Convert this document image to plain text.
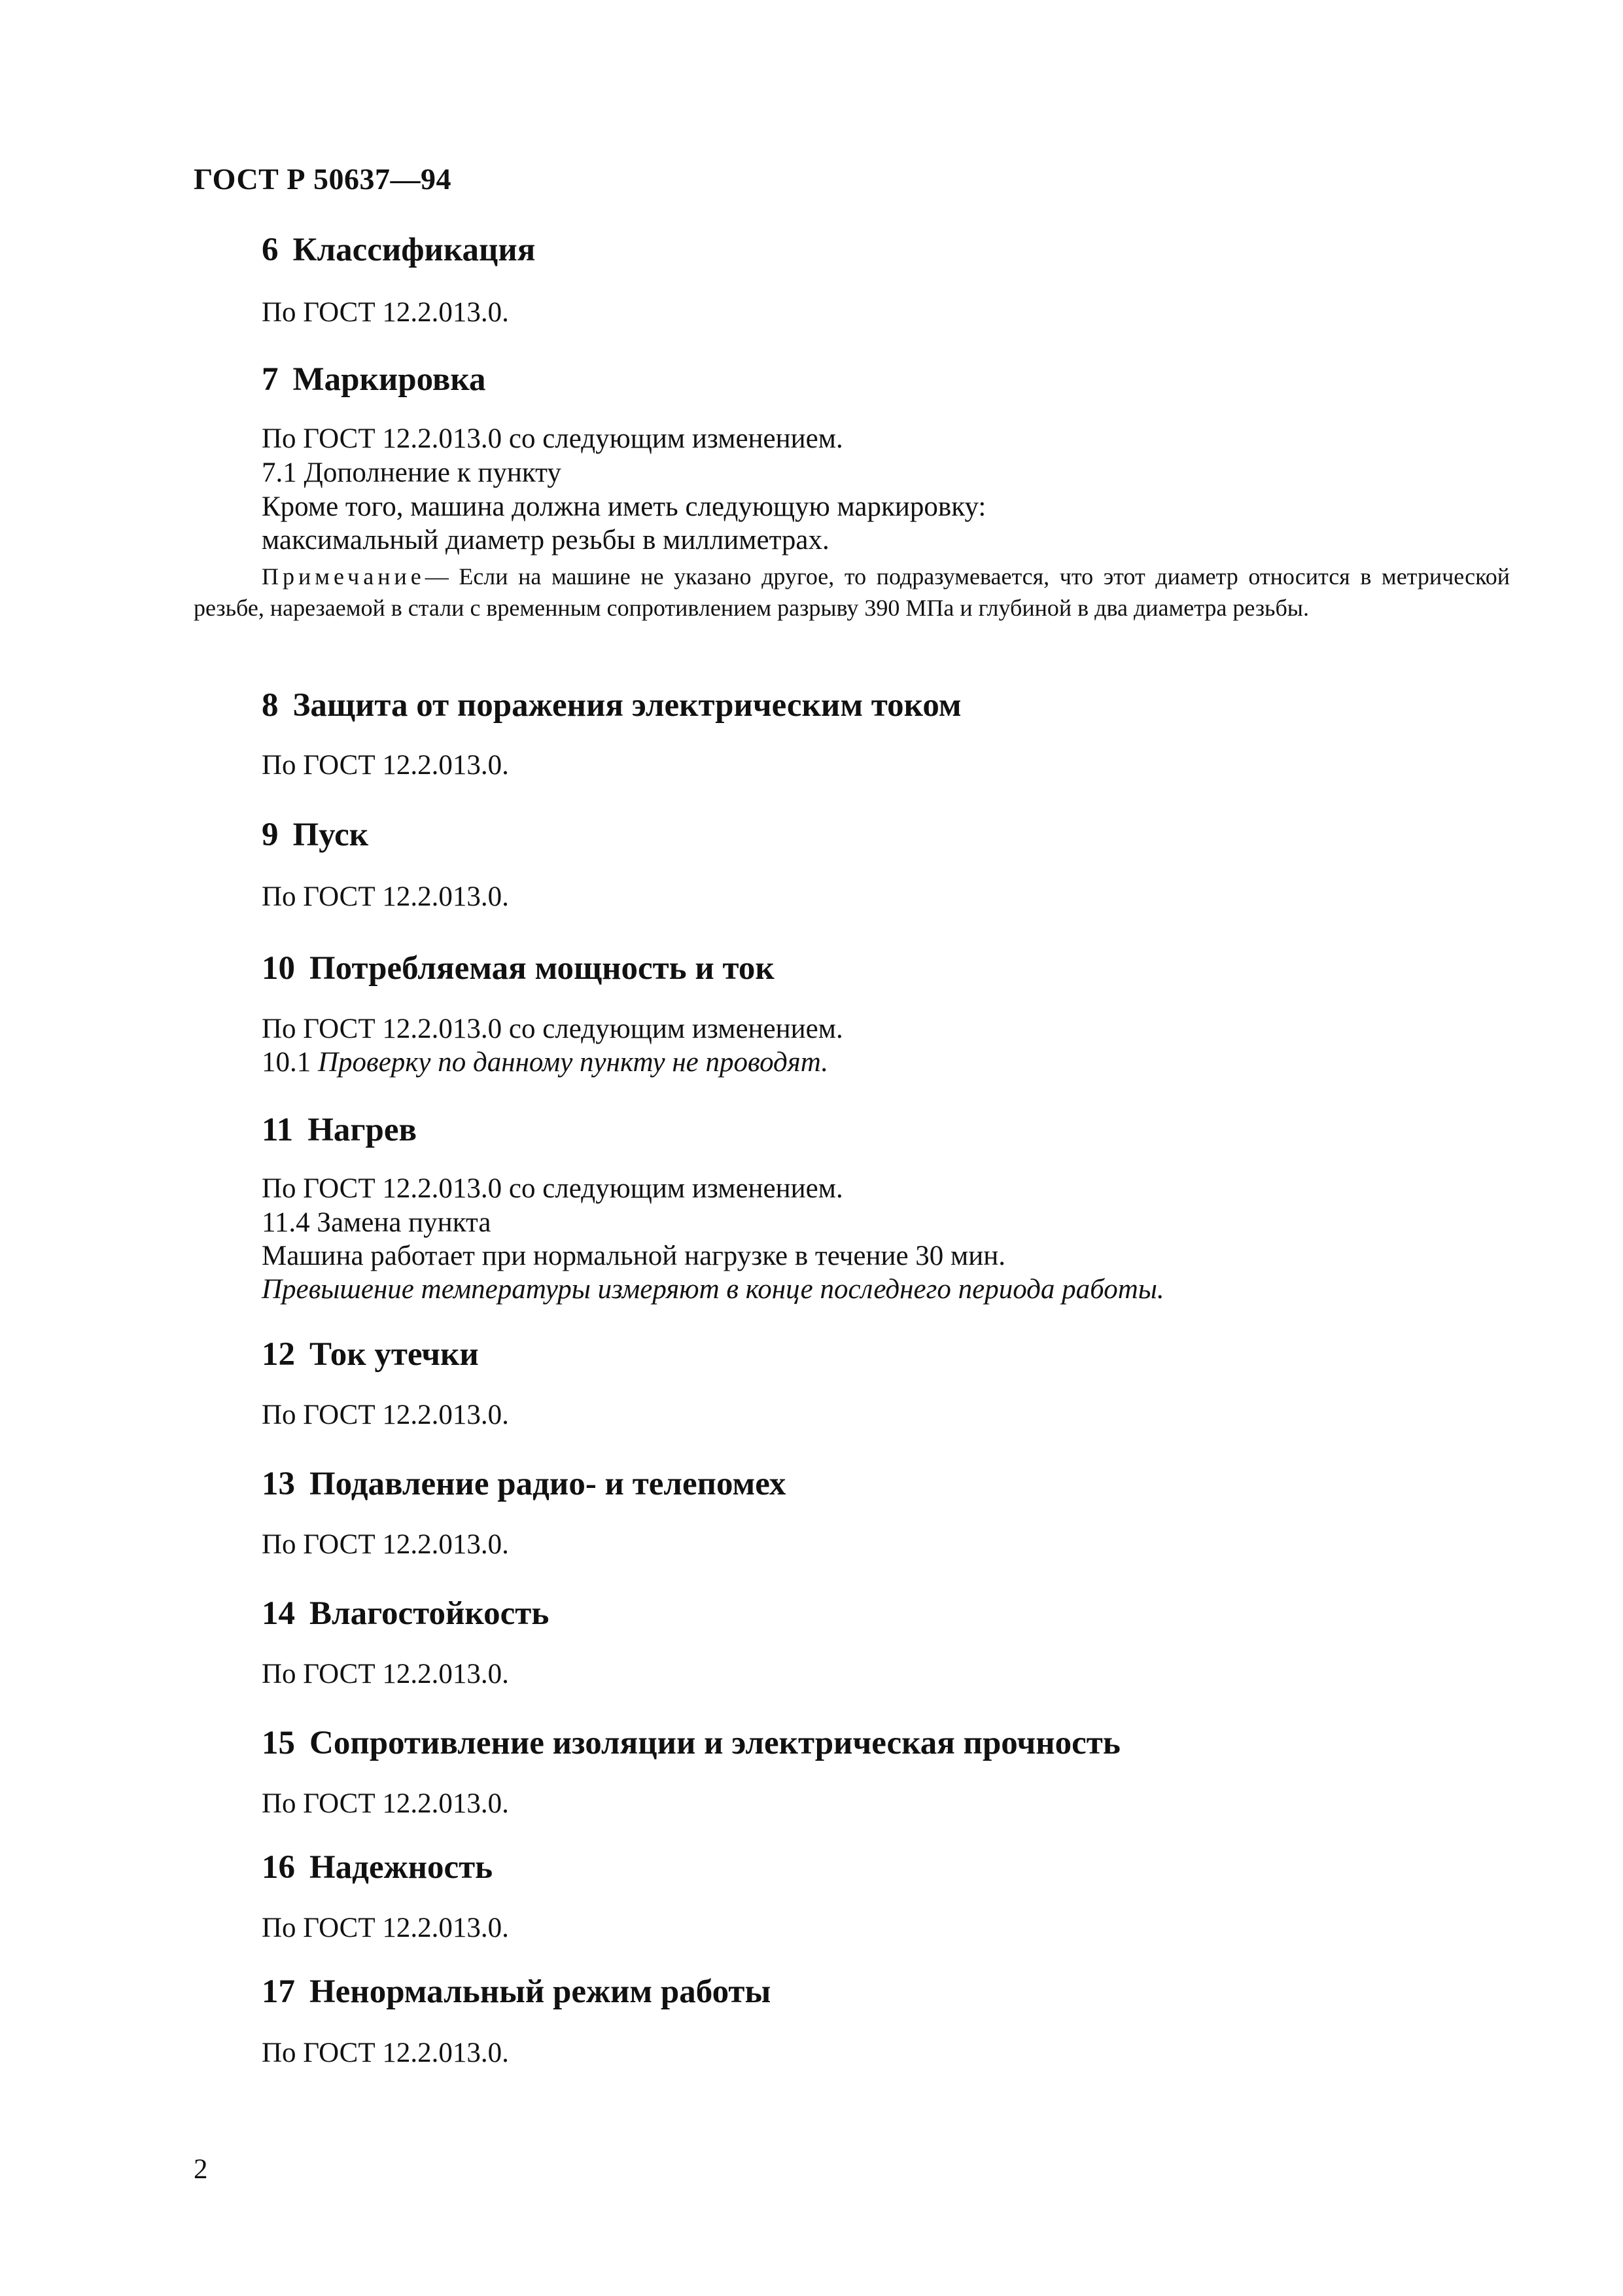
ГОСТ Р 50637—94
6 Классификация
По ГОСТ 12.2.013.0.
7 Маркировка
По ГОСТ 12.2.013.0 со следующим изменением.
7.1 Дополнение к пункту
Кроме того, машина должна иметь следующую маркировку:
максимальный диаметр резьбы в миллиметрах.
Примечание— Если на машине не указано другое, то подразумевается, что этот диаметр относится в метрической резьбе, нарезаемой в стали с временным сопротивлением разрыву 390 МПа и глубиной в два диаметра резьбы.
8 Защита от поражения электрическим током
По ГОСТ 12.2.013.0.
9 Пуск
По ГОСТ 12.2.013.0.
10 Потребляемая мощность и ток
По ГОСТ 12.2.013.0 со следующим изменением.
10.1 Проверку по данному пункту не проводят.
11 Нагрев
По ГОСТ 12.2.013.0 со следующим изменением.
11.4 Замена пункта
Машина работает при нормальной нагрузке в течение 30 мин.
Превышение температуры измеряют в конце последнего периода работы.
12 Ток утечки
По ГОСТ 12.2.013.0.
13 Подавление радио- и телепомех
По ГОСТ 12.2.013.0.
14 Влагостойкость
По ГОСТ 12.2.013.0.
15 Сопротивление изоляции и электрическая прочность
По ГОСТ 12.2.013.0.
16 Надежность
По ГОСТ 12.2.013.0.
17 Ненормальный режим работы
По ГОСТ 12.2.013.0.
2
